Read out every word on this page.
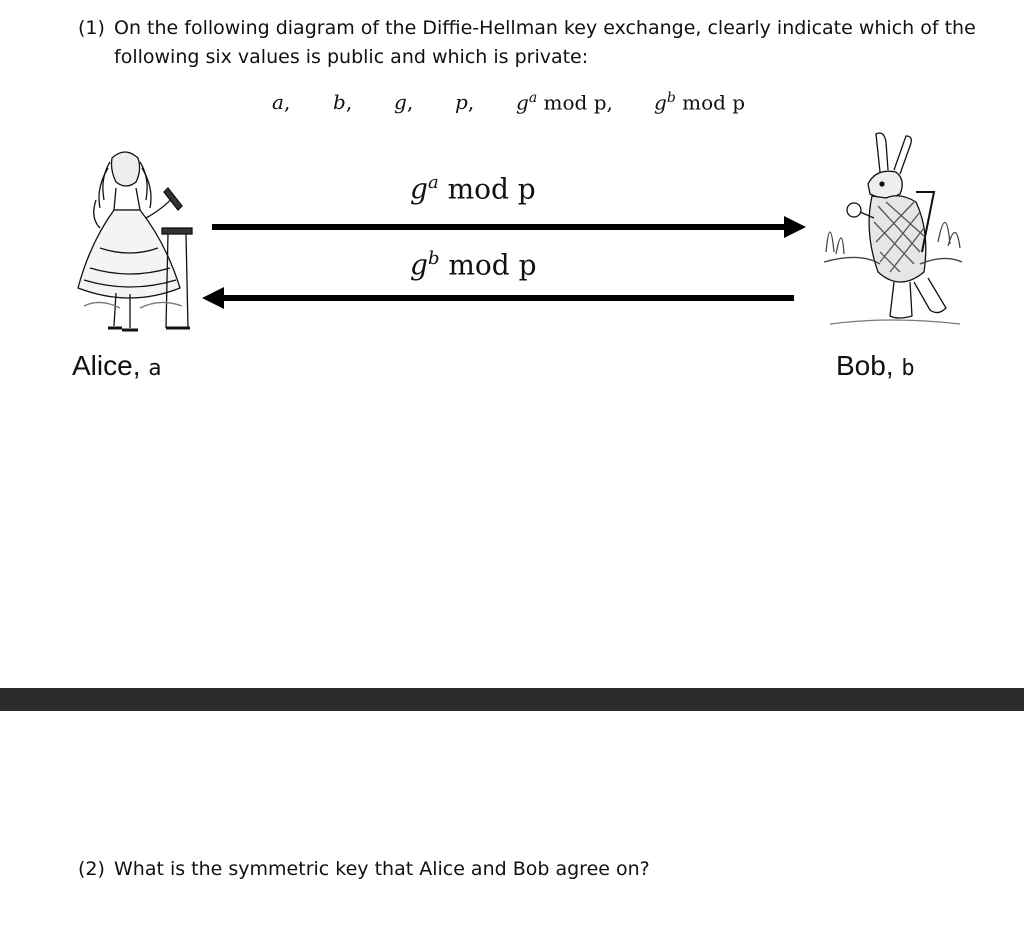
(1) On the following diagram of the Diffie-Hellman key exchange, clearly indicate which of the
following six values is public and which is private:
a, b, g, p, $g^a$ mod p, $g^b$ mod p
Alice, a	Bob, b
$g^a$ mod p
$g^b$ mod p
(2) What is the symmetric key that Alice and Bob agree on?
